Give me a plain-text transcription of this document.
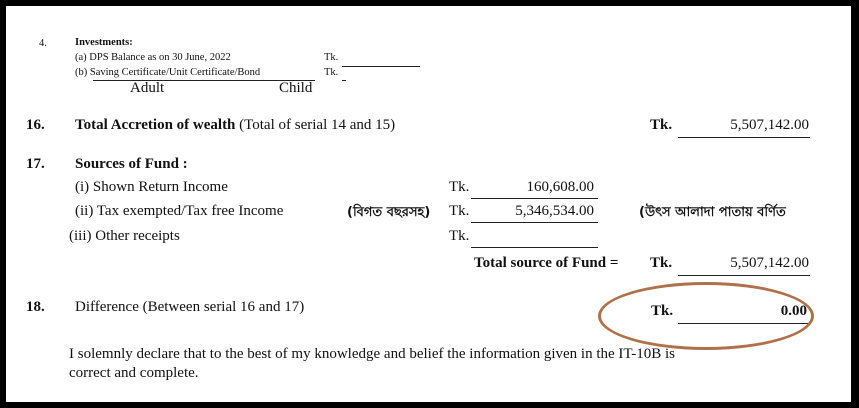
4.	Investments:
(a) DPS Balance as on 30 June, 2022	Tk.
(b) Saving Certificate/Unit Certificate/Bond	Tk.
Adult	Child
16. Total Accretion of wealth (Total of serial 14 and 15)	Tk.	5,507,142.00
17. Sources of Fund :
(i) Shown Return Income	Tk.	160,608.00
(ii) Tax exempted/Tax free Income	(বিগত বছরসহ) Tk.	5,346,534.00	(উৎস আলাদা পাতায় বর্ণিত
(iii) Other receipts	Tk.
Total source of Fund = Tk.	5,507,142.00
18. Difference (Between serial 16 and 17)	Tk.	0.00
I solemnly declare that to the best of my knowledge and belief the information given in the IT-10B is
correct and complete.
